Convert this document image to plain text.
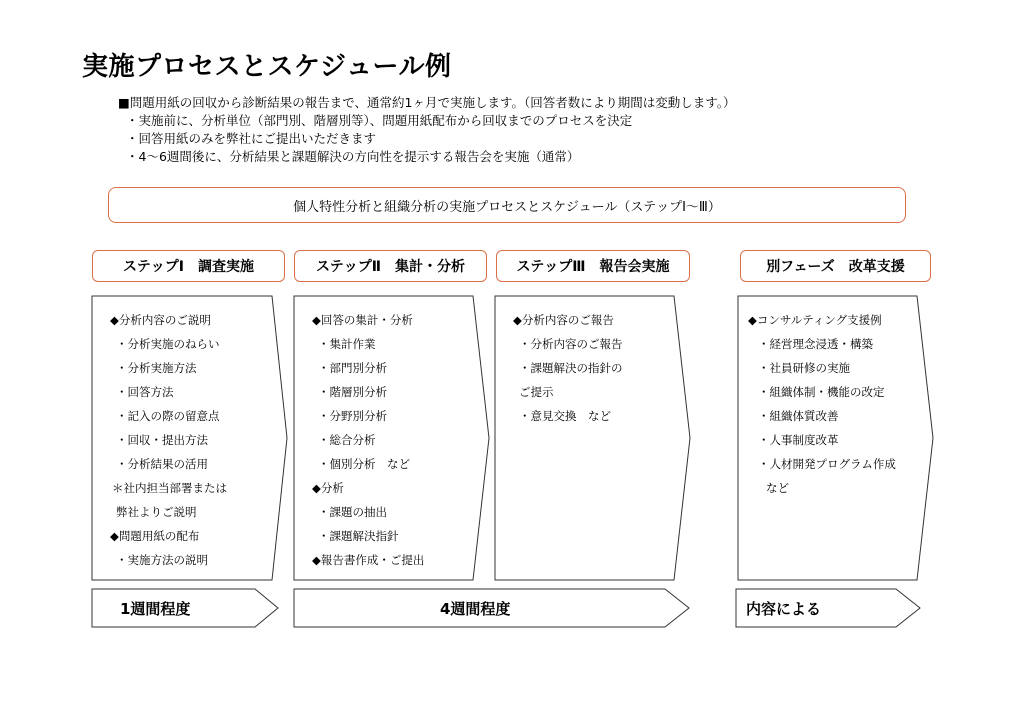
実施プロセスとスケジュール例
■問題用紙の回収から診断結果の報告まで、通常約1ヶ月で実施します。（回答者数により期間は変動します。）
・実施前に、分析単位（部門別、階層別等）、問題用紙配布から回収までのプロセスを決定
・回答用紙のみを弊社にご提出いただきます
・4～6週間後に、分析結果と課題解決の方向性を提示する報告会を実施（通常）
個人特性分析と組織分析の実施プロセスとスケジュール（ステップⅠ～Ⅲ）
ステップⅠ　調査実施	ステップⅡ　集計・分析	ステップⅢ　報告会実施	別フェーズ　改革支援
◆分析内容のご説明
・分析実施のねらい
・分析実施方法
・回答方法
・記入の際の留意点
・回収・提出方法
・分析結果の活用
＊社内担当部署または
弊社よりご説明
◆問題用紙の配布
・実施方法の説明
◆回答の集計・分析
・集計作業
・部門別分析
・階層別分析
・分野別分析
・総合分析
・個別分析　など
◆分析
・課題の抽出
・課題解決指針
◆報告書作成・ご提出
◆分析内容のご報告
・分析内容のご報告
・課題解決の指針の
ご提示
・意見交換　など
◆コンサルティング支援例
・経営理念浸透・構築
・社員研修の実施
・組織体制・機能の改定
・組織体質改善
・人事制度改革
・人材開発プログラム作成
など
1週間程度	4週間程度	内容による
